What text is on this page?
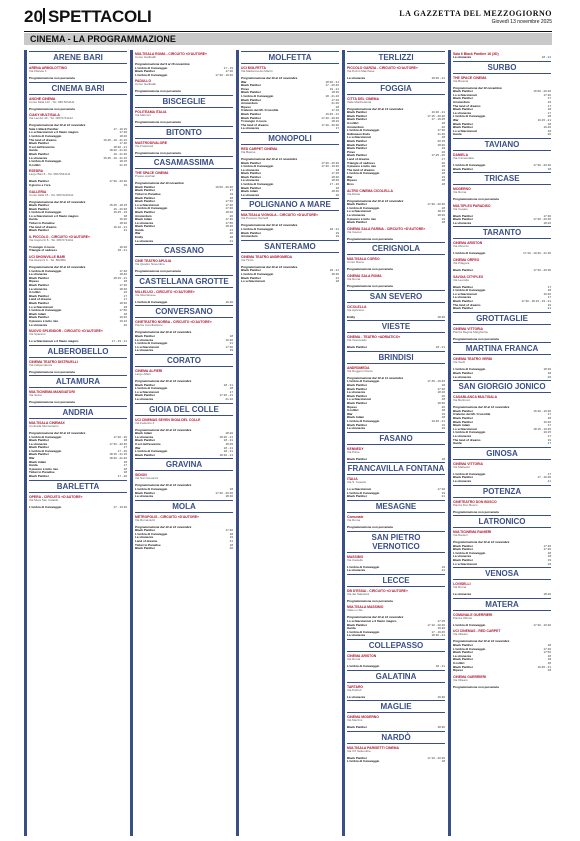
20 SPETTACOLI	LA GAZZETTA DEL MEZZOGIORNO
Giovedì 13 novembre 2025
CINEMA - LA PROGRAMMAZIONE
ARENE BARI
ARENA ARMOLOTTINO
Via Filarete 1
Programmazione non pervenuta
CINEMA BARI
ANCHE CINEMA
Corso Italia 112 - Tel. 080.5211111
Programmazione non pervenuta
CIAKY MULTISALA
Via Lembo 40 - Tel. 080.5741122
Programmazione dal 10 al 12 novembre
Sala 1 Black Panther	17 - 19.15
Lo schiaccianoci e il flauto magico	17.30
L'ombra di Caravaggio	18.20
The land of dreams	16.45 - 19 - 21.10
Black Panther	17.30
Il sol dell'avvenire	18.30 - 21
Guida	18.20 - 21.20
Black Panther	19 - 21.30
La stranezza	16.45 - 19 - 21.15
L'ombra di Caravaggio	18.15
Il colibrì	21.15
ESEDRA
Largo Bari 8 - Tel. 080.5541111
Black Panther	17.30 - 20.30
Il giorno e l'ora	19
GALLERIA
Corso Italia 15 - Tel. 080.5210111
Programmazione dal 10 al 12 novembre
Black Panther	15.45 - 18.15
Black Panther	16 - 20.30
L'ombra di Caravaggio	16.45 - 19
Lo schiaccianoci e il flauto magico	18
Guida	16.20
Ticket to Paradise	18.30
The land of dreams	16.10 - 21
Black Panther	21
IL PICCOLO - CIRCUITO «D'AUTORE»
Via Capruzzi 8 - Tel. 080.5711111
Ti mangio il cuore	18.30
Triangle of sadness	18 - 21
UCI SHOWVILLE BARI
Via Giannini 9 - Tel. 892960
Programmazione dal 10 al 12 novembre
L'ombra di Caravaggio	17.30
La stranezza	18.40
Black Panther	18.15 - 21
Ripeso	18
Black Panther	17.30
La stranezza	18.30
Il colibrì	16
Black Panther	17
Land of dreams	17
Black Panther	18.30
Lo schiaccianoci	18
L'ombra di Caravaggio	17.50
Black Adam	18
Black Panther	19.30
Il piacere è tutto mio	19.10
La stranezza	20
NUOVO SPLENDOR - CIRCUITO «D'AUTORE»
Via Sparano
Lo schiaccianoci e il flauto magico	17 - 19 - 21
ALBEROBELLO
CINEMA TEATRO DISTRUELLI
Via Indipendenza
Programmazione non pervenuta
ALTAMURA
MULTICINEMA MANGIATORI
Via Selva
Programmazione non pervenuta
ANDRIA
MULTISALA CINEMAX
Contrada Montecastro
Programmazione dal 10 al 12 novembre
L'ombra di Caravaggio	17.30 - 20
Black Panther	18
La stranezza	17.30 - 20.30
Black Panther	17
L'ombra di Caravaggio	17 - 20
Black Panther	18.15 - 21.15
War	18.30 - 21.40
Black Adam	18
Guida	17
Il piacere è tutto mio	18
Ticket to Paradise	18
Black Panther	17 - 20
BARLETTA
OPERA - CIRCUITO «D'AUTORE»
Via Mura San Cataldo
L'ombra di Caravaggio	17 - 19.30
MULTISALA ROMA - CIRCUITO «D'AUTORE»
Corso Garibaldi
Programmazione dal 9 al 16 novembre
L'ombra di Caravaggio	17 - 19
Black Panther	17.30
L'ombra di Caravaggio	17.30 - 19.30
PADULLO
Corso Garibaldi
Programmazione non pervenuta
BISCEGLIE
POLITEAMA ITALIA
Via Marconi
Programmazione non pervenuta
BITONTO
MASTRODIVALORE
Via Frassineti
Programmazione non pervenuta
CASAMASSIMA
THE SPACE CINEMA
Presso Auchan
Programmazione dal 10 novembre
Black Panther	16.50 - 20.30
Black Panther	17
Ticket to Paradise	19
Black Panther	18
Black Panther	17.50
Lo schiaccianoci	17.30
L'ombra di Caravaggio	17.30
Black Panther	18.30
Amsterdam	20
Black Adam	17.30
La stranezza	17.50
Black Panther	18.30
Guida	21
War	20
Emily	18
La stranezza	21
CASSANO
CINE TEATRO APULIA
Via Quattro Novembre
Programmazione non pervenuta
CASTELLANA GROTTE
MILLELUCI - CIRCUITO «D'AUTORE»
Via Morcianese
L'ombra di Caravaggio	19.30
CONVERSANO
CINETEATRO NORBA - CIRCUITO «D'AUTORE»
Piazza Conciliazione
Programmazione dal 10 al 12 novembre
Black Panther	18
La stranezza	19.30
L'ombra di Caravaggio	21
Lo schiaccianoci	17.30
La stranezza	19
CORATO
CINEMA ALFIERI
Largo Alfieri
Programmazione dal 10 al 12 novembre
Black Panther	18 - 21
L'ombra di Caravaggio	18
Lo schiaccianoci	17
Black Panther	17.30 - 21
La stranezza	21.10
GIOIA DEL COLLE
UCI CINEMAS SEVEN GIOIA DEL COLLE
Via Federico II
Programmazione dal 10 al 12 novembre
Black Adam	18.20
La stranezza	18.30 - 21
Black Panther	18 - 21
Il sol dell'avvenire	18.45
War	18 - 21
L'ombra di Caravaggio	18 - 21
Black Panther	18.30 - 21
GRAVINA
SIDION
Via San Giovanni
Programmazione dal 10 al 12 novembre
L'ombra di Caravaggio	18
Black Panther	17.30 - 20.30
La stranezza	18.30
MOLA
METROPOLIS - CIRCUITO «D'AUTORE»
Via Romanazzi
Programmazione dal 10 al 12 novembre
Black Panther	17.30
L'ombra di Caravaggio	18
La stranezza	19
Land of dreams	21
Ticket to Paradise	18
Black Panther	20
MOLFETTA
UCI MOLFETTA
Via Madonna dei Martiri
Programmazione dal 10 al 12 novembre
War	18.30 - 21
Black Panther	17 - 20.40
Piove	19 - 21
Black Panther	18.30
L'ombra di Caravaggio	18 - 21.10
Black Panther	17.20
Amsterdam	21.20
Ripeso	18
Il talento del Mr. Crocodile	17.10
Black Panther	19.45 - 21
Black Panther	17.40 - 20.30
Ti mangio il cuore	18.10
The land of dreams	17.40 - 20.30
La stranezza	17
MONOPOLI
RED CARPET CINEMA
Via Baione
Programmazione dal 10 al 11 novembre
Black Panther	17.30 - 20.30
L'ombra di Caravaggio	17.30 - 19.30
La stranezza	18
Black Panther	17.30
Black Panther	18.30
La stranezza	18.30
L'ombra di Caravaggio	17 - 20
Black Panther	18
Black Adam	18.30
La stranezza	20
POLIGNANO A MARE
MULTISALA VIGNOLA - CIRCUITO «D'AUTORE»
Via Pompeo Sarnelli
Programmazione dal 10 al 12 novembre
L'ombra di Caravaggio	18 - 21
Black Panther	19
Amsterdam	19
SANTERAMO
CINEMA TEATRO ANDROMEDA
Via Tirolo
Programmazione dal 10 al 12 novembre
Black Panther	18 - 21
L'ombra di Caravaggio	18.30
Black Panther	21
Lo schiaccianoci	18
TERLIZZI
PICCOLO GARZIA - CIRCUITO «D'AUTORE»
Via Pozzo Marchese
La stranezza	18.30 - 21
FOGGIA
CITTÀ DEL CINEMA
Viale Manfredonia
Programmazione dal 10 al 13 novembre
Black Panther	16.30 - 21
Black Panther	17.15 - 20.30
Black Panther	17 - 19.45
Il colibrì	18
Amsterdam	20
L'ombra di Caravaggio	17.30
Halloween Ends	21.30
Lo schiaccianoci	18
Black Panther	20.15
Black Panther	18.30
Black Panther	19
Piove	20
Black Panther	17.25 - 20
Land of dreams	17
Triangle of sadness	20
Il piacere è tutto mio	18
The land of dreams	19
L'ombra di Caravaggio	18
War	19
Ripeso	18
Bros	18
ALTRO CINEMA CICOLELLA
Via Dante
Programmazione dal 10 al 12 novembre
Black Panther	17.30 - 20.30
L'ombra di Caravaggio	18
Lo schiaccianoci	18.15
La stranezza	18.30
Il piacere è tutto mio	19
Black Panther	18
CINEMA SALA FARINA - CIRCUITO «D'AUTORE»
Via Cavour
Programmazione non pervenuta
CERIGNOLA
MULTISALA CORSO
Corso Roma
Programmazione non pervenuta
CINEMA SALA ROMA
Via Roma
Programmazione non pervenuta
SAN SEVERO
CICOLELLA
Via Apricena
Emily	18.30
VIESTE
CINEMA - TEATRO «ADRIATICO»
Via Vescovado
Black Panther	18 - 21
BRINDISI
ANDROMEDA
Via Ruggero Flores
Programmazione dal 10 al 11 novembre
L'ombra di Caravaggio	17.45 - 19.45
Black Panther	18
Black Panther	17.30
La stranezza	18.30
Black Panther	20
Lo schiaccianoci	18
Black Panther	18.30
Ripeso	20
Il colibrì	18
War	19
Black Adam	18
L'ombra di Caravaggio	19.45 - 21
Black Panther	19
La stranezza	19
FASANO
KENNEDY
Via Piave
Black Panther	18
FRANCAVILLA FONTANA
ITALIA
Via S. Cesario
Lo schiaccianoci	17.30
L'ombra di Caravaggio	19
Black Panther	21
MESAGNE
Comunale
Via Roma
Programmazione non pervenuta
SAN PIETRO VERNOTICO
MASSIMO
Via Castello
L'ombra di Caravaggio	19
La stranezza	21
LECCE
DB D'ESSAI - CIRCUITO «D'AUTORE»
Via dei Salesiani
Programmazione non pervenuta
MULTISALA MASSIMO
Viale Lo Re
Programmazione dal 10 al 12 novembre
Lo schiaccianoci e il flauto magico	17.25
Black Panther	17.10 - 20.30
Guida	19.30
L'ombra di Caravaggio	17 - 19.45
La stranezza	18.30 - 21
COLLEPASSO
CINEMA ARISTON
Via Roma
L'ombra di Caravaggio	18 - 21
GALATINA
TARTARO
Via Patrioti
La stranezza	19.30
MAGLIE
CINEMA MODERNO
Via Mazzini
Black Panther	18.30
NARDÒ
MULTISALA PARISETTI CINEMA
Via XX Settembre
Black Panther	17.10 - 20.30
L'ombra di Caravaggio	18
Sala 6 Black Panther 16 (3D)
La stranezza	18 - 21
SURBO
THE SPACE CINEMA
Via Brescia
Programmazione dal 10 novembre
Black Panther	16.50 - 20.30
Lo schiaccianoci	17.30
Black Panther	17
Amsterdam	19
The land of dreams	17
Black Panther	18
La stranezza	17
L'ombra di Caravaggio	18
War	19.15 - 21
Black Panther	18
Black Panther	19.40
Lo schiaccianoci	18
Guida	20
TAVIANO
DANIELA
Via Immacolata
L'ombra di Caravaggio	17.30 - 20.30
Black Panther	18
TRICASE
MODERNO
Via Roma
Programmazione non pervenuta
MULTIPLEX PARADISO
Via Cesare
Black Panther	17.30
Black Panther	17.30 - 20.30
La stranezza	18.20
TARANTO
CINEMA ARISTON
Via Abruzzo
L'ombra di Caravaggio	17.30 - 19.30 - 21.30
CINEMA ORFEO
Via Pitagora
Black Panther	17.30 - 20.30
SAVOIA CITYPLEX
Via Leonida
Black Panther	17
L'ombra di Caravaggio	18
Lo schiaccianoci	16.30
La stranezza	17
Black Panther	17.30 - 18.15 - 19 - 21
The land of dreams	19
Black Panther	21
GROTTAGLIE
CINEMA VITTORIA
Piazza Regina Margherita
Programmazione non pervenuta
MARTINA FRANCA
CINEMA TEATRO VERDI
Via Verdi
L'ombra di Caravaggio	18.30
Black Panther	18
La stranezza	20
SAN GIORGIO JONICO
CASABLANCA MULTISALA
Via Bertinoro
Programmazione dal 10 al 12 novembre
Black Panther	16.30 - 19.30
Il talento del Mr. Crocodile	17
Black Panther	18
Black Panther	16.30
Black Adam	17
Lo schiaccianoci	18.15 - 19.45
L'ombra di Caravaggio	19.15
La stranezza	17
The land of dreams	19
Guida	17
GINOSA
CINEMA VITTORIA
Via Matteotti
L'ombra di Caravaggio	17
Black Panther	17 - 19.30
La stranezza	21
POTENZA
CINETEATRO DON BOSCO
Piazza Don Bosco
Programmazione non pervenuta
LATRONICO
MULTICINEMA RANIERI
Via Ranieri
Programmazione dal 10 al 12 novembre
Black Panther	17.30
Black Panther	17.30
L'ombra di Caravaggio	18
La stranezza	18
Black Panther	19
Lo schiaccianoci	18
VENOSA
LOVISELLI
Via Roma
La stranezza	18.30
MATERA
COMUNALE GUERRIERI
Piazza Vittorio
L'ombra di Caravaggio	17.30 - 19.30
UCI CINEMAS - RED CARPET
Via Ollearo
Programmazione dal 10 al 12 novembre
Black Panther	18
L'ombra di Caravaggio	17.30
Black Panther	17.50
La stranezza	18
Black Panther	18
Il colibrì	18
Black Panther	19.45 - 21
Ripeso	18
CINEMA GUERRIERI
Via Ollearo
Programmazione non pervenuta
